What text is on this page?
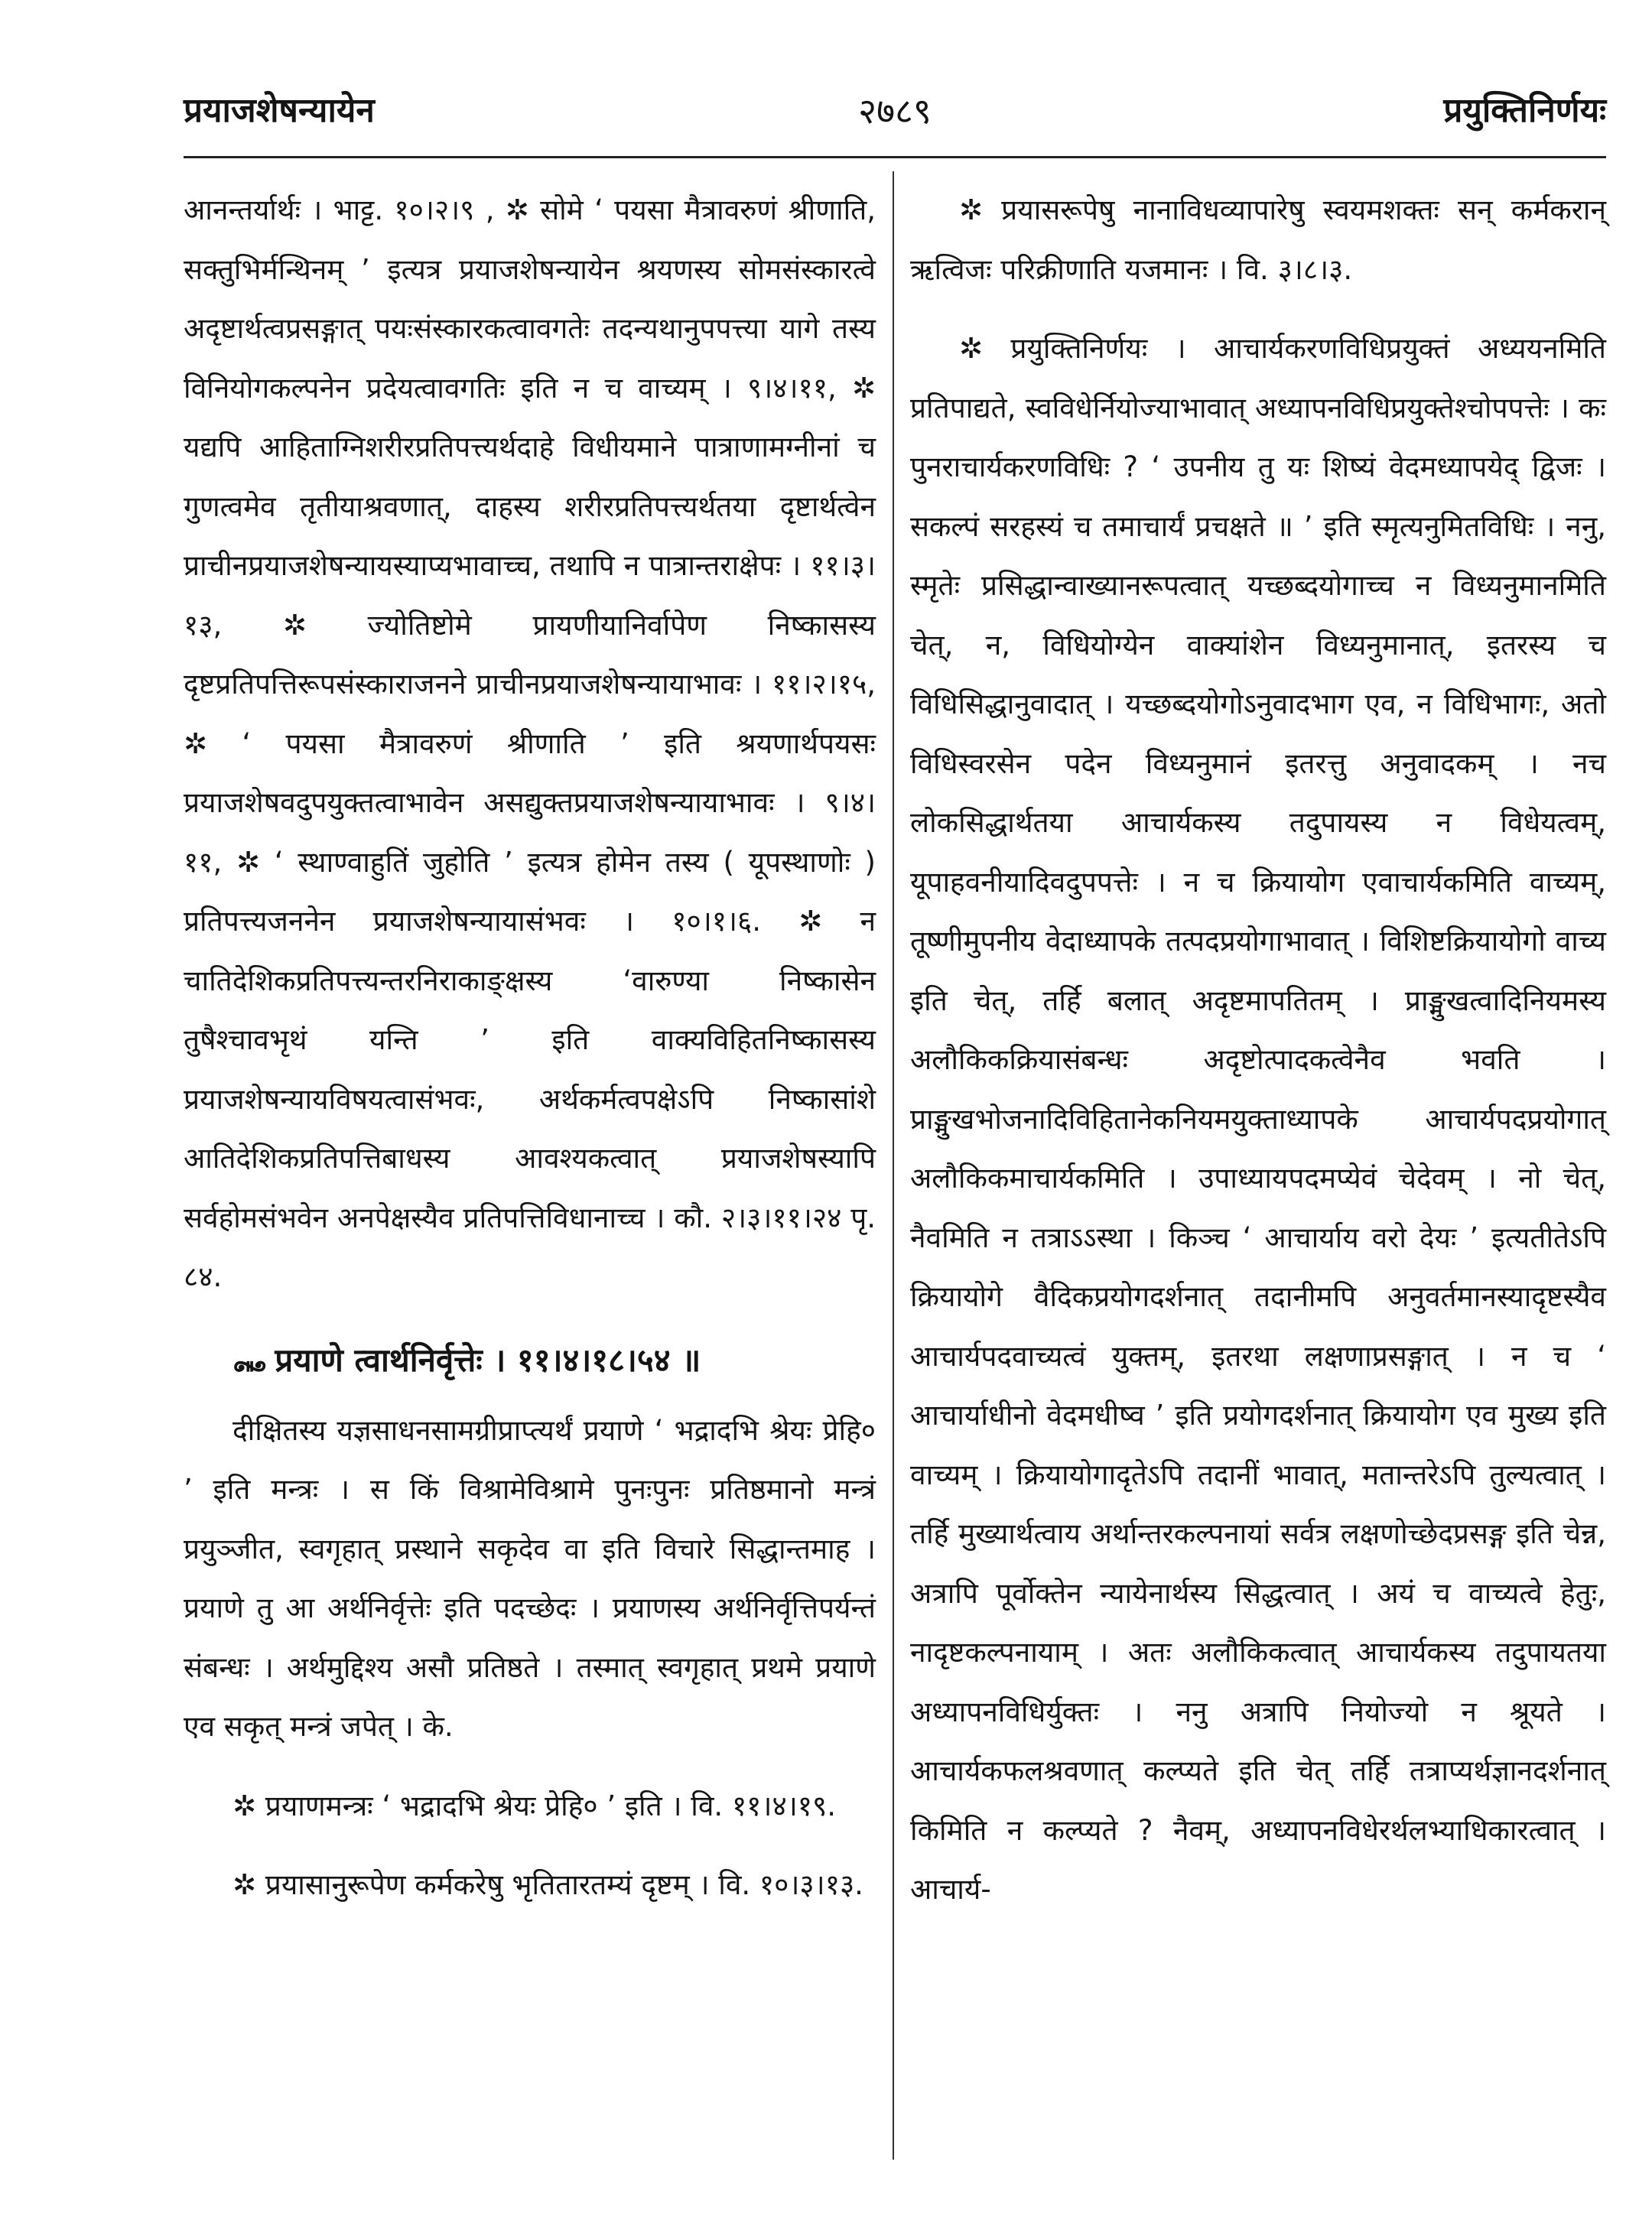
प्रयाजशेषन्यायेन	२७८९	प्रयुक्तिनिर्णयः

आनन्तर्यार्थः । भाट्ट. १०।२।९ , ✲ सोमे ‘ पयसा मैत्रावरुणं श्रीणाति, सक्तुभिर्मन्थिनम् ’ इत्यत्र प्रयाजशेषन्यायेन श्रयणस्य सोमसंस्कारत्वे अदृष्टार्थत्वप्रसङ्गात् पयःसंस्कारकत्वावगतेः तदन्यथानुपपत्त्या यागे तस्य विनियोगकल्पनेन प्रदेयत्वावगतिः इति न च वाच्यम् । ९।४।११, ✲ यद्यपि आहिताग्निशरीरप्रतिपत्त्यर्थदाहे विधीयमाने पात्राणामग्नीनां च गुणत्वमेव तृतीयाश्रवणात्, दाहस्य शरीरप्रतिपत्त्यर्थतया दृष्टार्थत्वेन प्राचीनप्रयाजशेषन्यायस्याप्यभावाच्च, तथापि न पात्रान्तराक्षेपः । ११।३।१३, ✲ ज्योतिष्टोमे प्रायणीयानिर्वापेण निष्कासस्य दृष्टप्रतिपत्तिरूपसंस्काराजनने प्राचीनप्रयाजशेषन्यायाभावः । ११।२।१५, ✲ ‘ पयसा मैत्रावरुणं श्रीणाति ’ इति श्रयणार्थपयसः प्रयाजशेषवदुपयुक्तत्वाभावेन असद्युक्तप्रयाजशेषन्यायाभावः । ९।४।११, ✲ ‘ स्थाण्वाहुतिं जुहोति ’ इत्यत्र होमेन तस्य ( यूपस्थाणोः ) प्रतिपत्त्यजननेन प्रयाजशेषन्यायासंभवः । १०।१।६. ✲ न चातिदेशिकप्रतिपत्त्यन्तरनिराकाङ्क्षस्य ‘वारुण्या निष्कासेन तुषैश्चावभृथं यन्ति ’ इति वाक्यविहितनिष्कासस्य प्रयाजशेषन्यायविषयत्वासंभवः, अर्थकर्मत्वपक्षेऽपि निष्कासांशे आतिदेशिकप्रतिपत्तिबाधस्य आवश्यकत्वात् प्रयाजशेषस्यापि सर्वहोमसंभवेन अनपेक्षस्यैव प्रतिपत्तिविधानाच्च । कौ. २।३।११।२४ पृ. ८४.

꘏ प्रयाणे त्वार्थनिर्वृत्तेः । ११।४।१८।५४ ॥

दीक्षितस्य यज्ञसाधनसामग्रीप्राप्त्यर्थं प्रयाणे ‘ भद्रादभि श्रेयः प्रेहि० ’ इति मन्त्रः । स किं विश्रामेविश्रामे पुनःपुनः प्रतिष्ठमानो मन्त्रं प्रयुञ्जीत, स्वगृहात् प्रस्थाने सकृदेव वा इति विचारे सिद्धान्तमाह । प्रयाणे तु आ अर्थनिर्वृत्तेः इति पदच्छेदः । प्रयाणस्य अर्थनिर्वृत्तिपर्यन्तं संबन्धः । अर्थमुद्दिश्य असौ प्रतिष्ठते । तस्मात् स्वगृहात् प्रथमे प्रयाणे एव सकृत् मन्त्रं जपेत् । के.

✲ प्रयाणमन्त्रः ‘ भद्रादभि श्रेयः प्रेहि० ’ इति । वि. ११।४।१९.

✲ प्रयासानुरूपेण कर्मकरेषु भृतितारतम्यं दृष्टम् । वि. १०।३।१३.

✲ प्रयासरूपेषु नानाविधव्यापारेषु स्वयमशक्तः सन् कर्मकरान् ऋत्विजः परिक्रीणाति यजमानः । वि. ३।८।३.

✲ प्रयुक्तिनिर्णयः । आचार्यकरणविधिप्रयुक्तं अध्ययनमिति प्रतिपाद्यते, स्वविधेर्नियोज्याभावात् अध्यापनविधिप्रयुक्तेश्चोपपत्तेः । कः पुनराचार्यकरणविधिः ? ‘ उपनीय तु यः शिष्यं वेदमध्यापयेद् द्विजः । सकल्पं सरहस्यं च तमाचार्यं प्रचक्षते ॥ ’ इति स्मृत्यनुमितविधिः । ननु, स्मृतेः प्रसिद्धान्वाख्यानरूपत्वात् यच्छब्दयोगाच्च न विध्यनुमानमिति चेत्, न, विधियोग्येन वाक्यांशेन विध्यनुमानात्, इतरस्य च विधिसिद्धानुवादात् । यच्छब्दयोगोऽनुवादभाग एव, न विधिभागः, अतो विधिस्वरसेन पदेन विध्यनुमानं इतरत्तु अनुवादकम् । नच लोकसिद्धार्थतया आचार्यकस्य तदुपायस्य न विधेयत्वम्, यूपाहवनीयादिवदुपपत्तेः । न च क्रियायोग एवाचार्यकमिति वाच्यम्, तूष्णीमुपनीय वेदाध्यापके तत्पदप्रयोगाभावात् । विशिष्टक्रियायोगो वाच्य इति चेत्, तर्हि बलात् अदृष्टमापतितम् । प्राङ्मुखत्वादिनियमस्य अलौकिकक्रियासंबन्धः अदृष्टोत्पादकत्वेनैव भवति । प्राङ्मुखभोजनादिविहितानेकनियमयुक्ताध्यापके आचार्यपदप्रयोगात् अलौकिकमाचार्यकमिति । उपाध्यायपदमप्येवं चेदेवम् । नो चेत्, नैवमिति न तत्राऽऽस्था । किञ्च ‘ आचार्याय वरो देयः ’ इत्यतीतेऽपि क्रियायोगे वैदिकप्रयोगदर्शनात् तदानीमपि अनुवर्तमानस्यादृष्टस्यैव आचार्यपदवाच्यत्वं युक्तम्, इतरथा लक्षणाप्रसङ्गात् । न च ‘ आचार्याधीनो वेदमधीष्व ’ इति प्रयोगदर्शनात् क्रियायोग एव मुख्य इति वाच्यम् । क्रियायोगादृतेऽपि तदानीं भावात्, मतान्तरेऽपि तुल्यत्वात् । तर्हि मुख्यार्थत्वाय अर्थान्तरकल्पनायां सर्वत्र लक्षणोच्छेदप्रसङ्ग इति चेन्न, अत्रापि पूर्वोक्तेन न्यायेनार्थस्य सिद्धत्वात् । अयं च वाच्यत्वे हेतुः, नादृष्टकल्पनायाम् । अतः अलौकिकत्वात् आचार्यकस्य तदुपायतया अध्यापनविधिर्युक्तः । ननु अत्रापि नियोज्यो न श्रूयते । आचार्यकफलश्रवणात् कल्प्यते इति चेत् तर्हि तत्राप्यर्थज्ञानदर्शनात् किमिति न कल्प्यते ? नैवम्, अध्यापनविधेरर्थलभ्याधिकारत्वात् । आचार्य-
